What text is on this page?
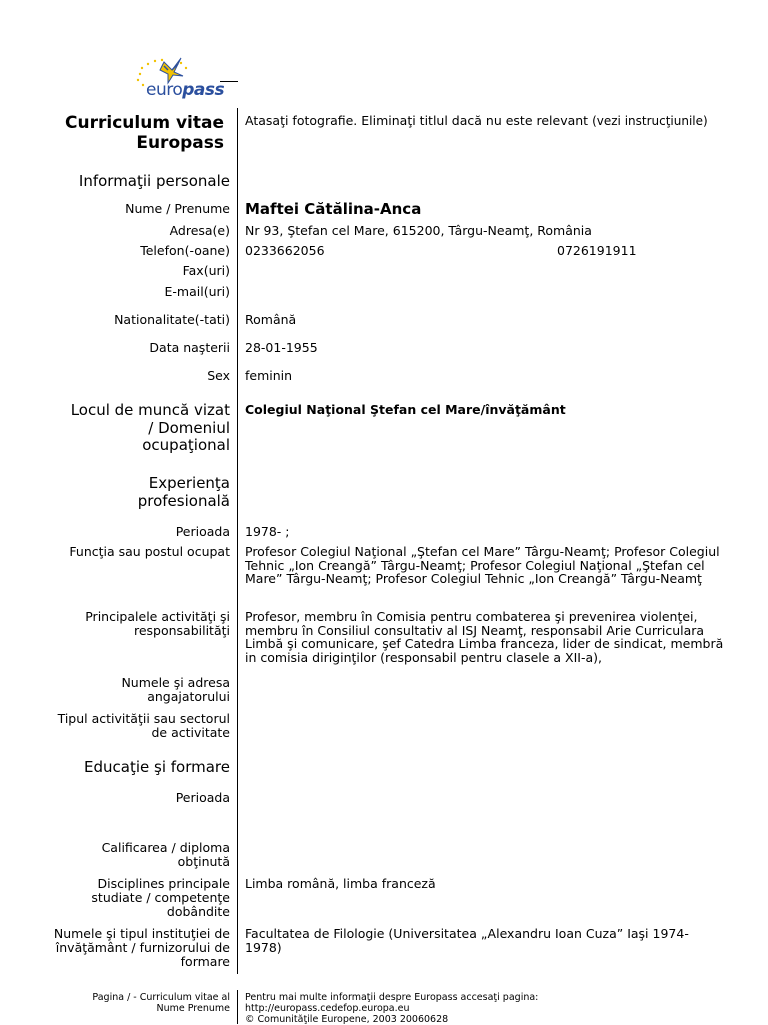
europass
Curriculum vitae
Europass
Atasaţi fotografie. Eliminaţi titlul dacă nu este relevant (vezi instrucţiunile)
Informaţii personale
Nume / Prenume Maftei Cătălina-Anca
Adresa(e) Nr 93, Ştefan cel Mare, 615200, Târgu-Neamţ, România
Telefon(-oane) 0233662056	0726191911
Fax(uri)
E-mail(uri)
Nationalitate(-tati) Română
Data naşterii 28-01-1955
Sex feminin
Locul de muncă vizat
/ Domeniul
ocupaţional
Colegiul Naţional Ştefan cel Mare/învăţământ
Experienţa
profesională
Perioada 1978- ;
Funcţia sau postul ocupat Profesor Colegiul Naţional „Ştefan cel Mare” Târgu-Neamţ; Profesor Colegiul Tehnic „Ion Creangă” Târgu-Neamţ; Profesor Colegiul Naţional „Ştefan cel Mare” Târgu-Neamţ; Profesor Colegiul Tehnic „Ion Creangă” Târgu-Neamţ
Principalele activităţi şi
responsabilităţi
Profesor, membru în Comisia pentru combaterea şi prevenirea violenţei, membru în Consiliul consultativ al ISJ Neamţ, responsabil Arie Curriculara Limbă şi comunicare, şef Catedra Limba franceza, lider de sindicat, membră in comisia diriginţilor (responsabil pentru clasele a XII-a),
Numele şi adresa
angajatorului
Tipul activităţii sau sectorul
de activitate
Educaţie şi formare
Perioada
Calificarea / diploma
obţinută
Disciplines principale
studiate / competenţe
dobândite
Limba română, limba franceză
Numele şi tipul instituţiei de
învăţământ / furnizorului de
formare
Facultatea de Filologie (Universitatea „Alexandru Ioan Cuza” Iaşi 1974-1978)
Pagina / - Curriculum vitae al
Nume Prenume
Pentru mai multe informaţii despre Europass accesaţi pagina:
http://europass.cedefop.europa.eu
© Comunităţile Europene, 2003 20060628
